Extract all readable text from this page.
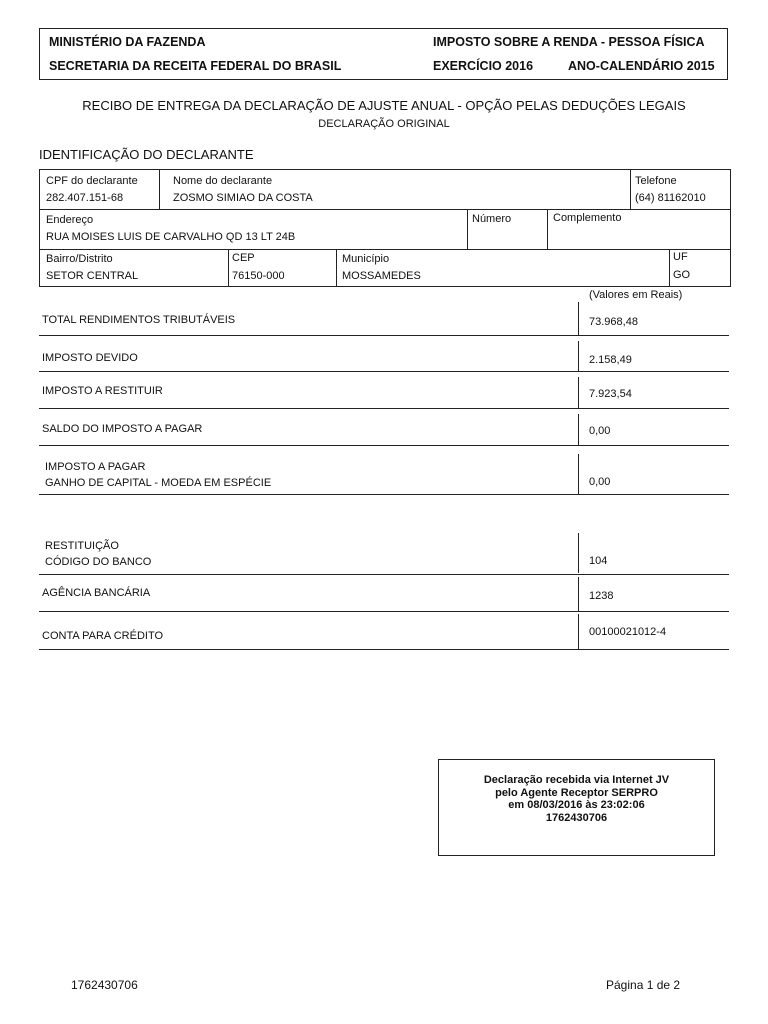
MINISTÉRIO DA FAZENDA
SECRETARIA DA RECEITA FEDERAL DO BRASIL
IMPOSTO SOBRE A RENDA - PESSOA FÍSICA
EXERCÍCIO 2016	ANO-CALENDÁRIO 2015
RECIBO DE ENTREGA DA DECLARAÇÃO DE AJUSTE ANUAL - OPÇÃO PELAS DEDUÇÕES LEGAIS
DECLARAÇÃO ORIGINAL
IDENTIFICAÇÃO DO DECLARANTE
CPF do declarante
282.407.151-68
Nome do declarante
ZOSMO SIMIAO DA COSTA
Telefone
(64) 81162010
Endereço
RUA MOISES LUIS DE CARVALHO QD 13 LT 24B
Número	Complemento
Bairro/Distrito
SETOR CENTRAL
CEP
76150-000
Município
MOSSAMEDES
UF
GO
(Valores em Reais)
TOTAL RENDIMENTOS TRIBUTÁVEIS	73.968,48
IMPOSTO DEVIDO	2.158,49
IMPOSTO A RESTITUIR	7.923,54
SALDO DO IMPOSTO A PAGAR	0,00
IMPOSTO A PAGAR
GANHO DE CAPITAL - MOEDA EM ESPÉCIE	0,00
RESTITUIÇÃO
CÓDIGO DO BANCO	104
AGÊNCIA BANCÁRIA	1238
CONTA PARA CRÉDITO	00100021012-4
Declaração recebida via Internet JV
pelo Agente Receptor SERPRO
em 08/03/2016 às 23:02:06
1762430706
1762430706	Página 1 de 2
